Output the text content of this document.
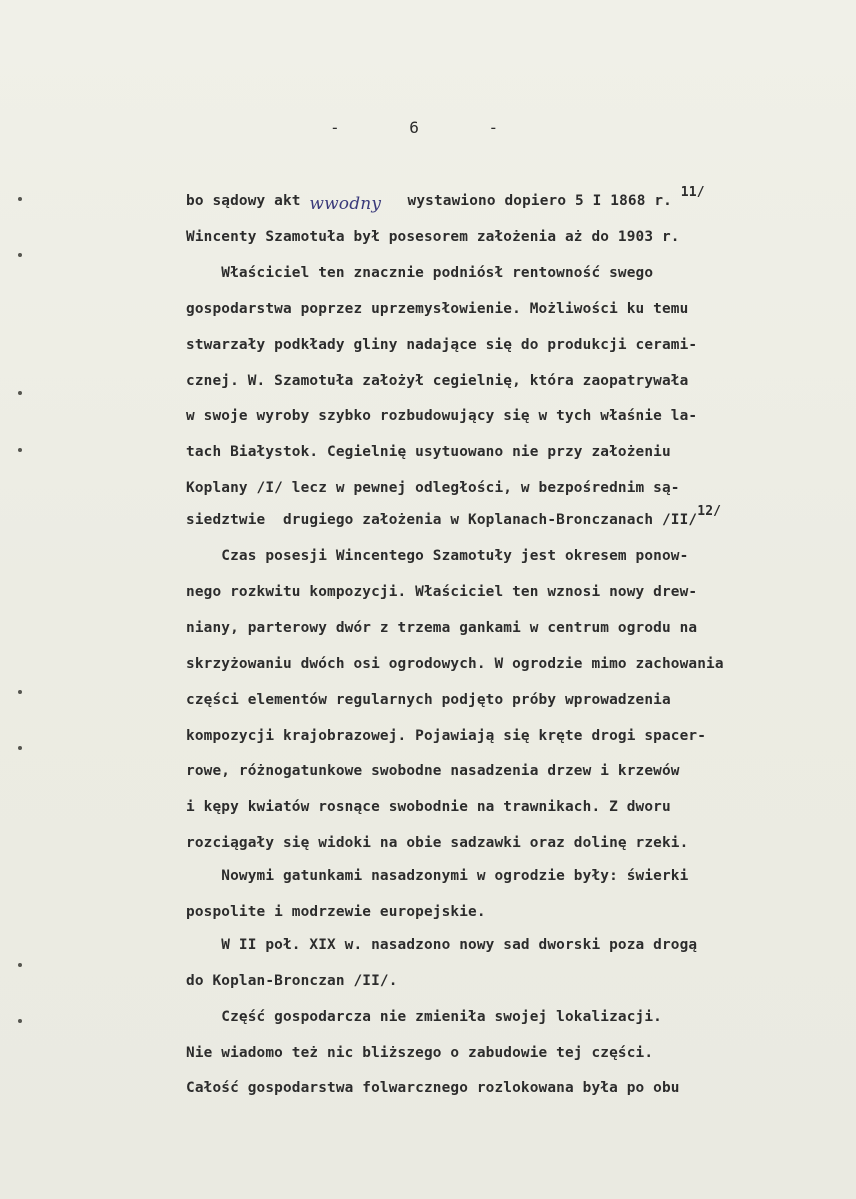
- 6 -
bo sądowy akt wwodny   wystawiono dopiero 5 I 1868 r. 11/
Wincenty Szamotuła był posesorem założenia aż do 1903 r.
Właściciel ten znacznie podniósł rentowność swego
gospodarstwa poprzez uprzemysłowienie. Możliwości ku temu
stwarzały podkłady gliny nadające się do produkcji cerami-
cznej. W. Szamotuła założył cegielnię, która zaopatrywała
w swoje wyroby szybko rozbudowujący się w tych właśnie la-
tach Białystok. Cegielnię usytuowano nie przy założeniu
Koplany /I/ lecz w pewnej odległości, w bezpośrednim są-
siedztwie  drugiego założenia w Koplanach-Bronczanach /II/12/
Czas posesji Wincentego Szamotuły jest okresem ponow-
nego rozkwitu kompozycji. Właściciel ten wznosi nowy drew-
niany, parterowy dwór z trzema gankami w centrum ogrodu na
skrzyżowaniu dwóch osi ogrodowych. W ogrodzie mimo zachowania
części elementów regularnych podjęto próby wprowadzenia
kompozycji krajobrazowej. Pojawiają się kręte drogi spacer-
rowe, różnogatunkowe swobodne nasadzenia drzew i krzewów
i kępy kwiatów rosnące swobodnie na trawnikach. Z dworu
rozciągały się widoki na obie sadzawki oraz dolinę rzeki.
Nowymi gatunkami nasadzonymi w ogrodzie były: świerki
pospolite i modrzewie europejskie.
W II poł. XIX w. nasadzono nowy sad dworski poza drogą
do Koplan-Bronczan /II/.
Część gospodarcza nie zmieniła swojej lokalizacji.
Nie wiadomo też nic bliższego o zabudowie tej części.
Całość gospodarstwa folwarcznego rozlokowana była po obu
